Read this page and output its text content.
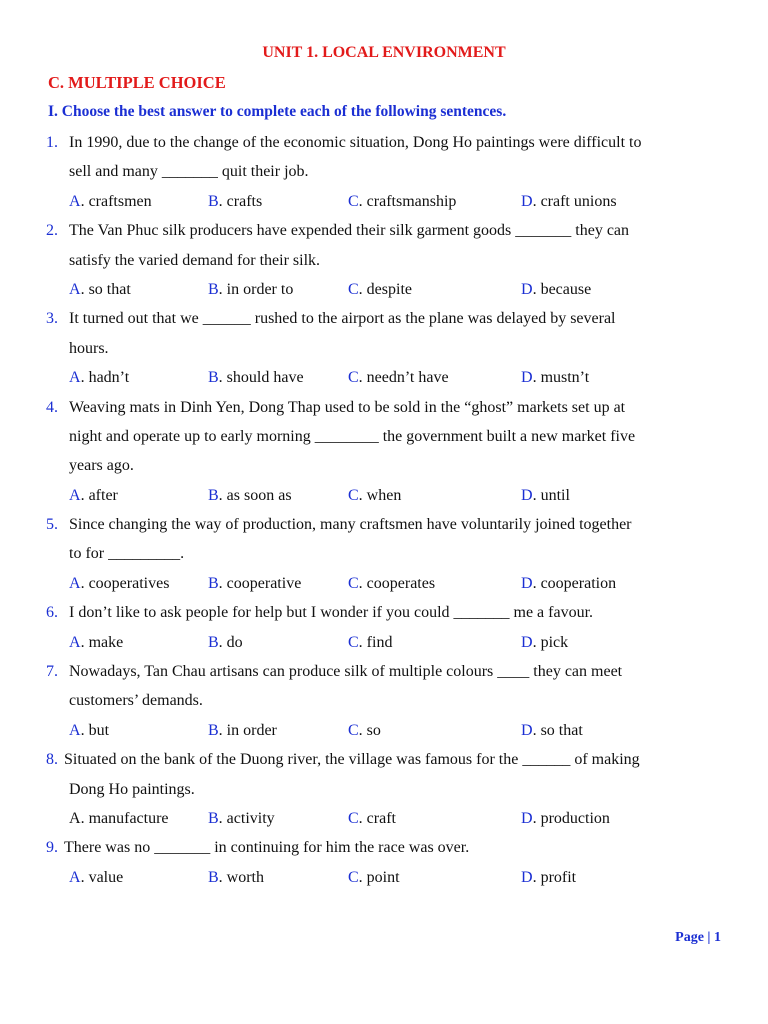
UNIT 1. LOCAL ENVIRONMENT
C. MULTIPLE CHOICE
I. Choose the best answer to complete each of the following sentences.
1. In 1990, due to the change of the economic situation, Dong Ho paintings were difficult to
sell and many _______ quit their job.
A. craftsmen	B. crafts	C. craftsmanship	D. craft unions
2. The Van Phuc silk producers have expended their silk garment goods _______ they can
satisfy the varied demand for their silk.
A. so that	B. in order to	C. despite	D. because
3. It turned out that we ______ rushed to the airport as the plane was delayed by several
hours.
A. hadn’t	B. should have	C. needn’t have	D. mustn’t
4. Weaving mats in Dinh Yen, Dong Thap used to be sold in the “ghost” markets set up at
night and operate up to early morning ________ the government built a new market five
years ago.
A. after	B. as soon as	C. when	D. until
5. Since changing the way of production, many craftsmen have voluntarily joined together
to for _________.
A. cooperatives B. cooperative	C. cooperates	D. cooperation
6. I don’t like to ask people for help but I wonder if you could _______ me a favour.
A. make	B. do	C. find	D. pick
7. Nowadays, Tan Chau artisans can produce silk of multiple colours ____ they can meet
customers’ demands.
A. but	B. in order	C. so	D. so that
8. Situated on the bank of the Duong river, the village was famous for the ______ of making
Dong Ho paintings.
A. manufacture B. activity	C. craft	D. production
9. There was no _______ in continuing for him the race was over.
A. value	B. worth	C. point	D. profit
Page | 1
